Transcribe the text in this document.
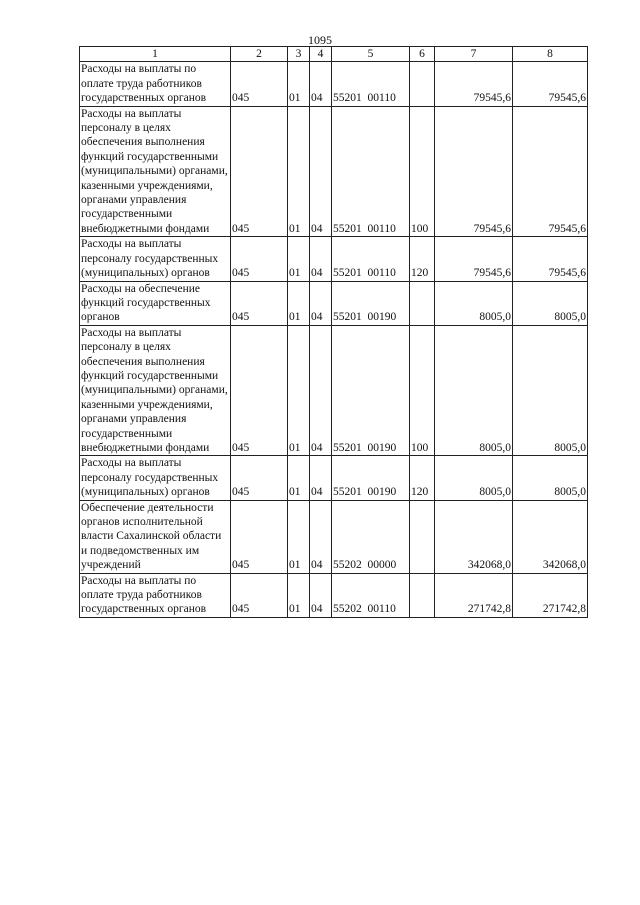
1095
1	2	3	4	5	6	7	8
Расходы на выплаты по оплате труда работников государственных органов	045	01	04	55201  00110		79545,6	79545,6
Расходы на выплаты персоналу в целях обеспечения выполнения функций государственными (муниципальными) органами, казенными учреждениями, органами управления государственными внебюджетными фондами	045	01	04	55201  00110	100	79545,6	79545,6
Расходы на выплаты персоналу государственных (муниципальных) органов	045	01	04	55201  00110	120	79545,6	79545,6
Расходы на обеспечение функций государственных органов	045	01	04	55201  00190		8005,0	8005,0
Расходы на выплаты персоналу в целях обеспечения выполнения функций государственными (муниципальными) органами, казенными учреждениями, органами управления государственными внебюджетными фондами	045	01	04	55201  00190	100	8005,0	8005,0
Расходы на выплаты персоналу государственных (муниципальных) органов	045	01	04	55201  00190	120	8005,0	8005,0
Обеспечение деятельности органов исполнительной власти Сахалинской области и подведомственных им учреждений	045	01	04	55202  00000		342068,0	342068,0
Расходы на выплаты по оплате труда работников государственных органов	045	01	04	55202  00110		271742,8	271742,8
